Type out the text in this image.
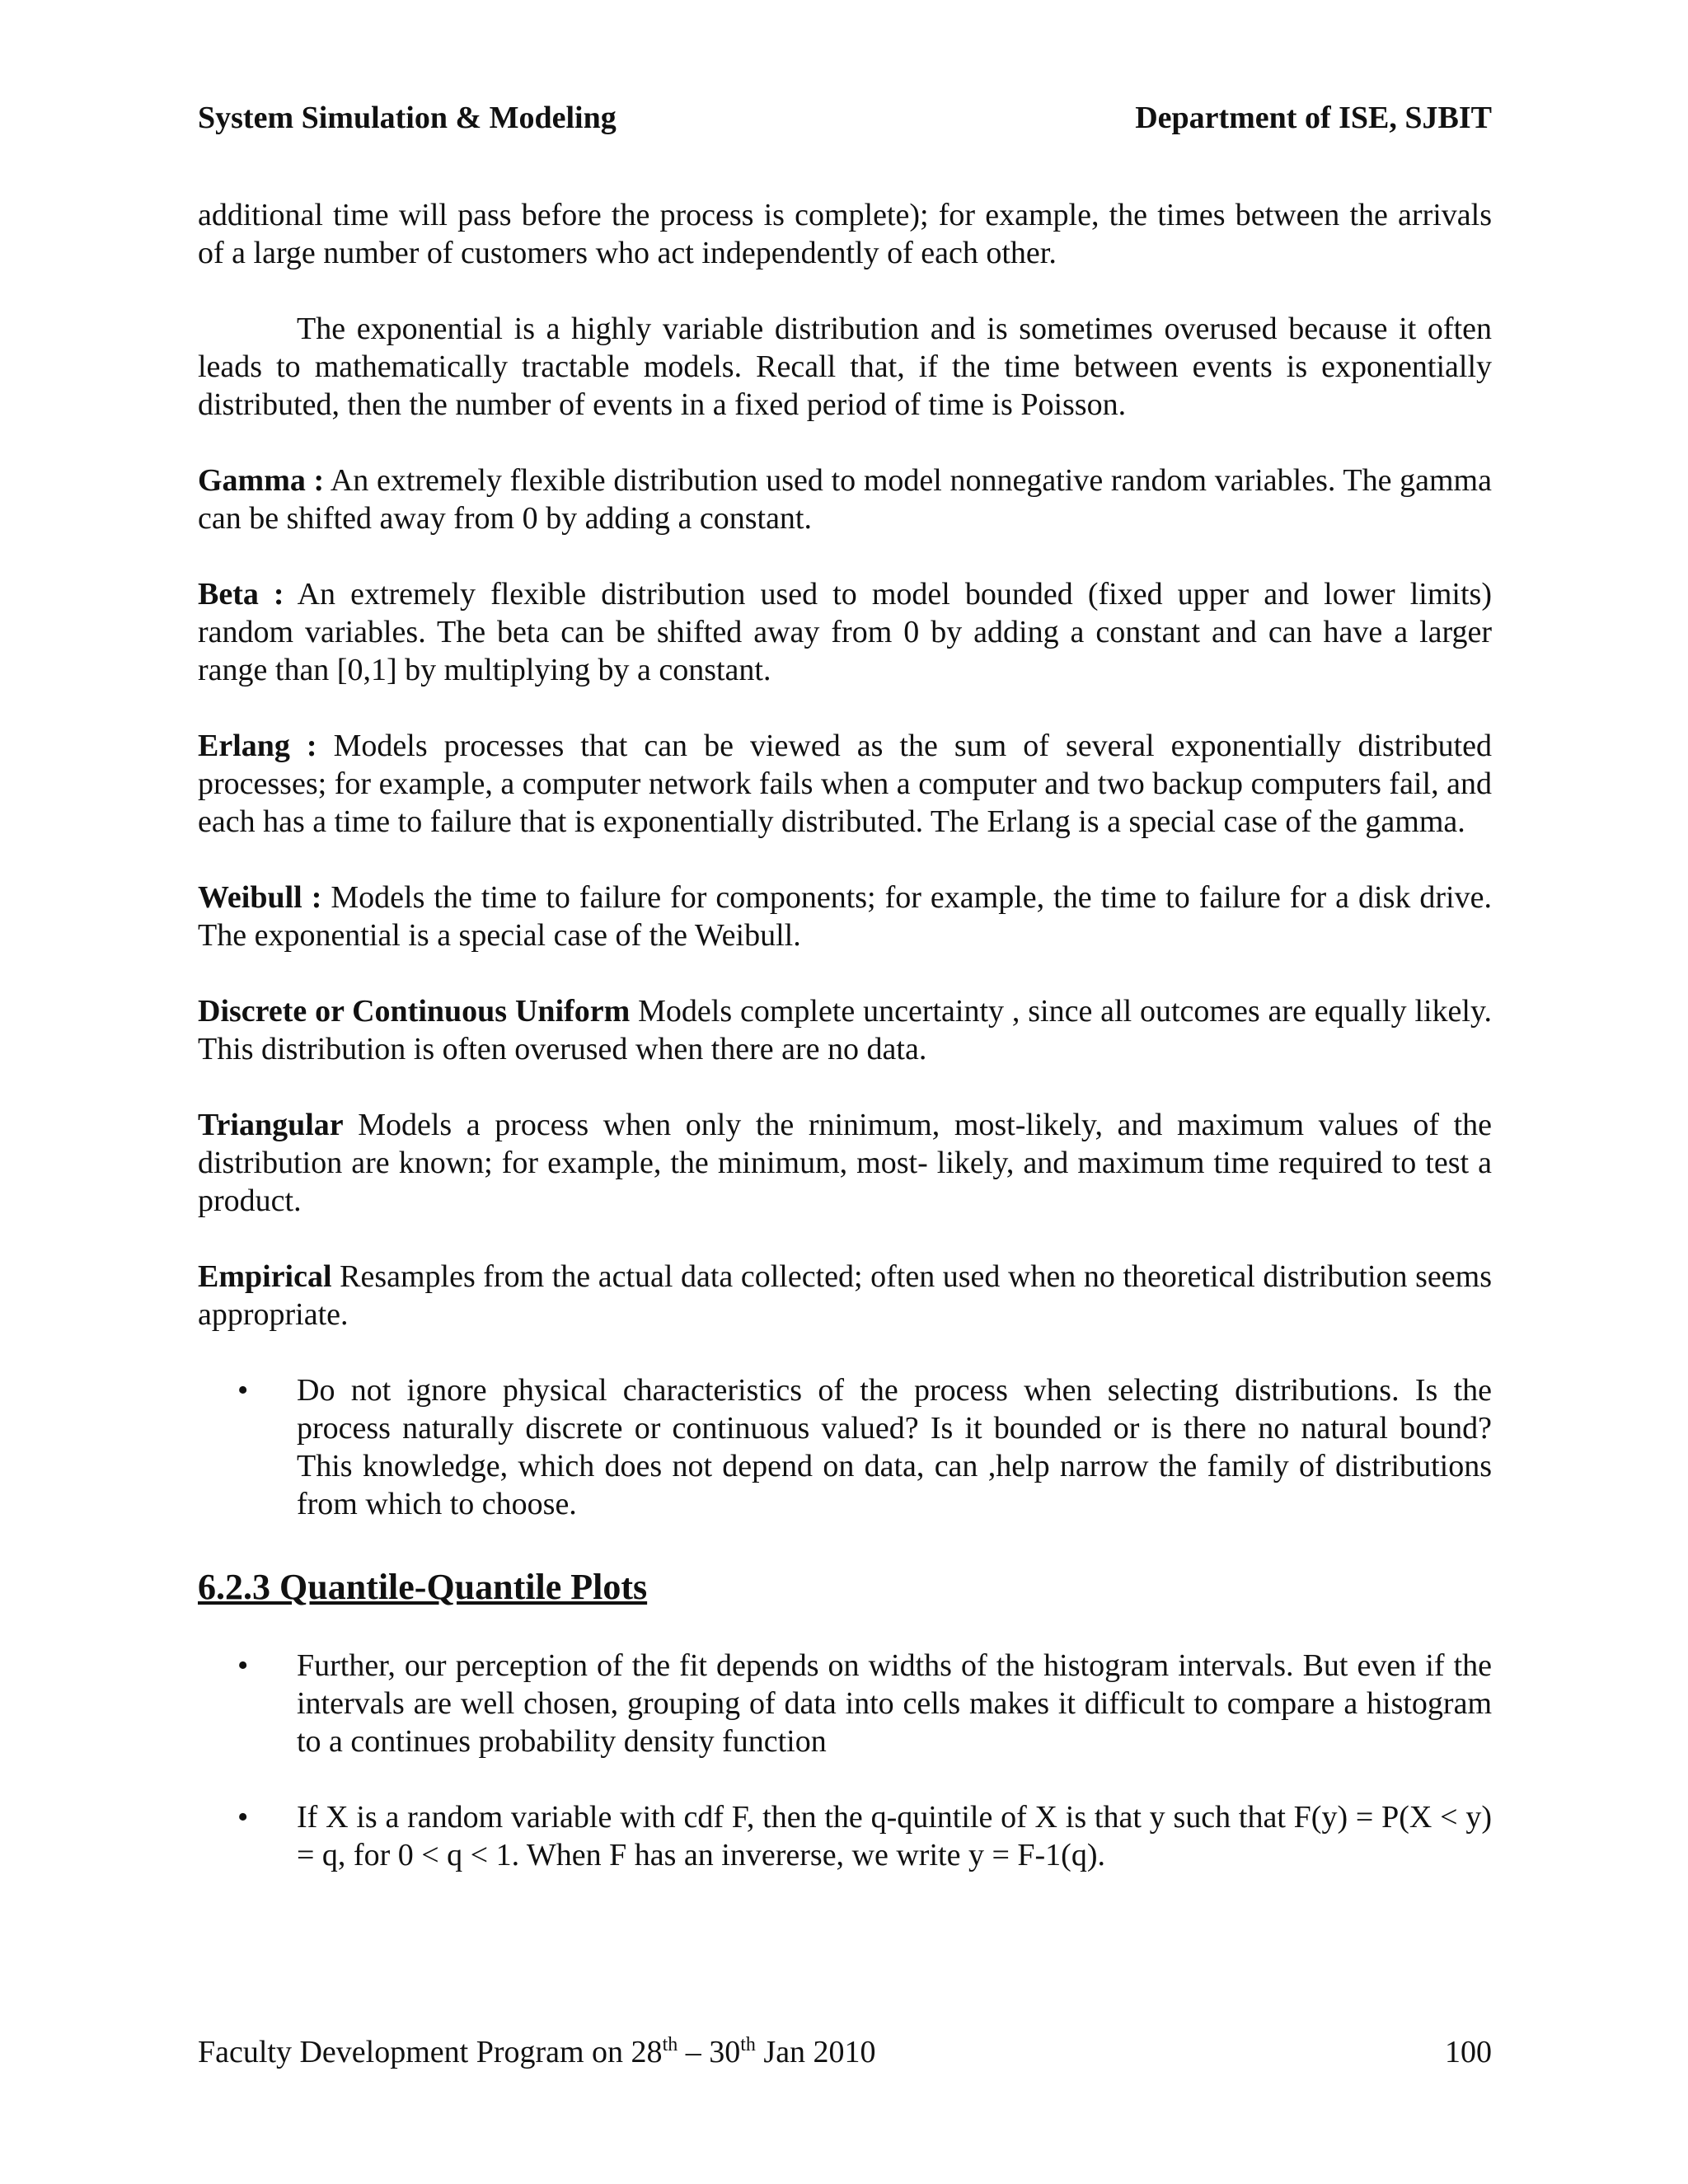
System Simulation & Modeling	Department of ISE, SJBIT

additional time will pass before the process is complete); for example, the times between the arrivals of a large number of customers who act independently of each other.

The exponential is a highly variable distribution and is sometimes overused because it often leads to mathematically tractable models. Recall that, if the time between events is exponentially distributed, then the number of events in a fixed period of time is Poisson.

Gamma : An extremely flexible distribution used to model nonnegative random variables. The gamma can be shifted away from 0 by adding a constant.

Beta : An extremely flexible distribution used to model bounded (fixed upper and lower limits) random variables. The beta can be shifted away from 0 by adding a constant and can have a larger range than [0,1] by multiplying by a constant.

Erlang : Models processes that can be viewed as the sum of several exponentially distributed processes; for example, a computer network fails when a computer and two backup computers fail, and each has a time to failure that is exponentially distributed. The Erlang is a special case of the gamma.

Weibull : Models the time to failure for components; for example, the time to failure for a disk drive. The exponential is a special case of the Weibull.

Discrete or Continuous Uniform Models complete uncertainty , since all outcomes are equally likely. This distribution is often overused when there are no data.

Triangular Models a process when only the rninimum, most-likely, and maximum values of the distribution are known; for example, the minimum, most- likely, and maximum time required to test a product.

Empirical Resamples from the actual data collected; often used when no theoretical distribution seems appropriate.

• Do not ignore physical characteristics of the process when selecting distributions. Is the process naturally discrete or continuous valued? Is it bounded or is there no natural bound? This knowledge, which does not depend on data, can ,help narrow the family of distributions from which to choose.

6.2.3 Quantile-Quantile Plots
• Further, our perception of the fit depends on widths of the histogram intervals. But even if the intervals are well chosen, grouping of data into cells makes it difficult to compare a histogram to a continues probability density function

• If X is a random variable with cdf F, then the q-quintile of X is that y such that F(y) = P(X < y) = q, for 0 < q < 1. When F has an invererse, we write y = F-1(q).

Faculty Development Program on 28th – 30th Jan 2010	100
